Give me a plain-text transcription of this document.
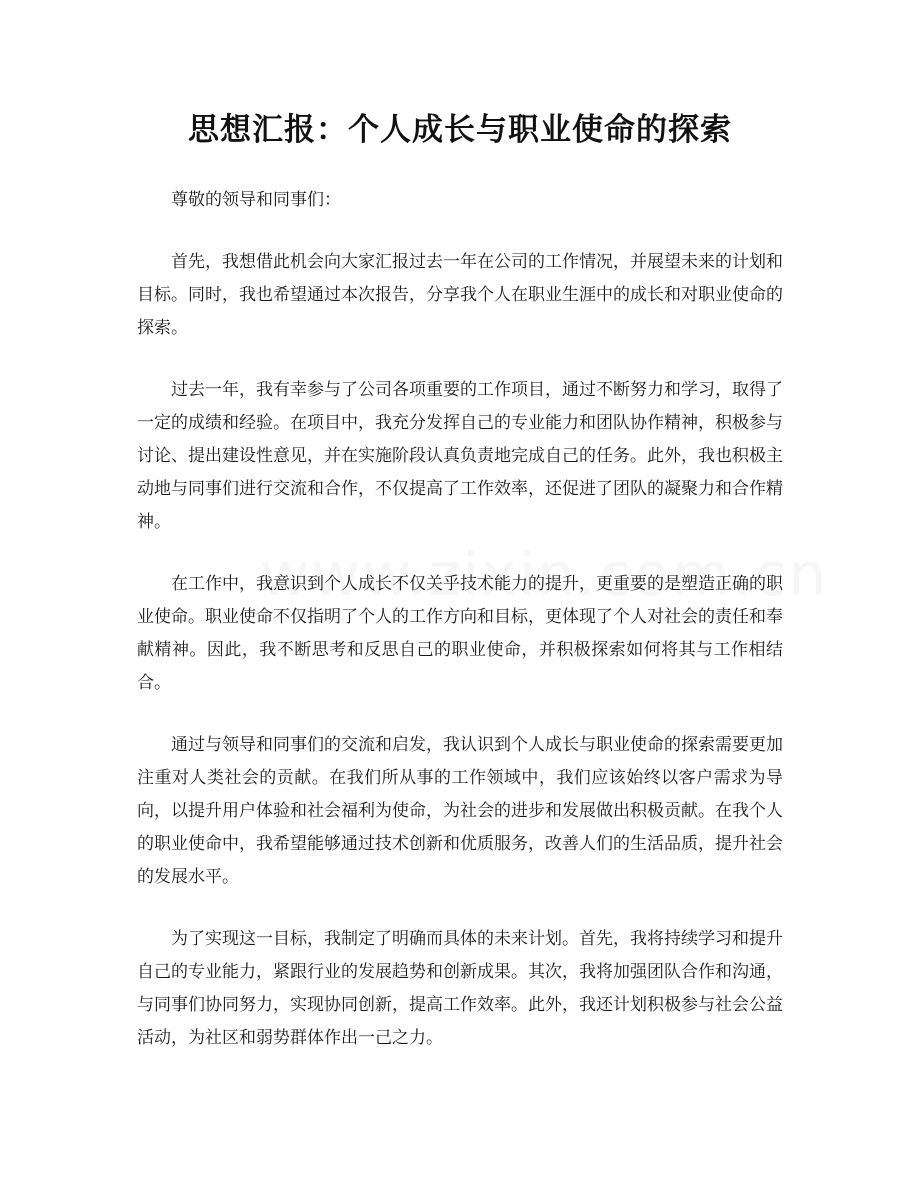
思想汇报：个人成长与职业使命的探索

尊敬的领导和同事们：

首先，我想借此机会向大家汇报过去一年在公司的工作情况，并展望未来的计划和目标。同时，我也希望通过本次报告，分享我个人在职业生涯中的成长和对职业使命的探索。

过去一年，我有幸参与了公司各项重要的工作项目，通过不断努力和学习，取得了一定的成绩和经验。在项目中，我充分发挥自己的专业能力和团队协作精神，积极参与讨论、提出建设性意见，并在实施阶段认真负责地完成自己的任务。此外，我也积极主动地与同事们进行交流和合作，不仅提高了工作效率，还促进了团队的凝聚力和合作精神。

在工作中，我意识到个人成长不仅关乎技术能力的提升，更重要的是塑造正确的职业使命。职业使命不仅指明了个人的工作方向和目标，更体现了个人对社会的责任和奉献精神。因此，我不断思考和反思自己的职业使命，并积极探索如何将其与工作相结合。

通过与领导和同事们的交流和启发，我认识到个人成长与职业使命的探索需要更加注重对人类社会的贡献。在我们所从事的工作领域中，我们应该始终以客户需求为导向，以提升用户体验和社会福利为使命，为社会的进步和发展做出积极贡献。在我个人的职业使命中，我希望能够通过技术创新和优质服务，改善人们的生活品质，提升社会的发展水平。

为了实现这一目标，我制定了明确而具体的未来计划。首先，我将持续学习和提升自己的专业能力，紧跟行业的发展趋势和创新成果。其次，我将加强团队合作和沟通，与同事们协同努力，实现协同创新，提高工作效率。此外，我还计划积极参与社会公益活动，为社区和弱势群体作出一己之力。
